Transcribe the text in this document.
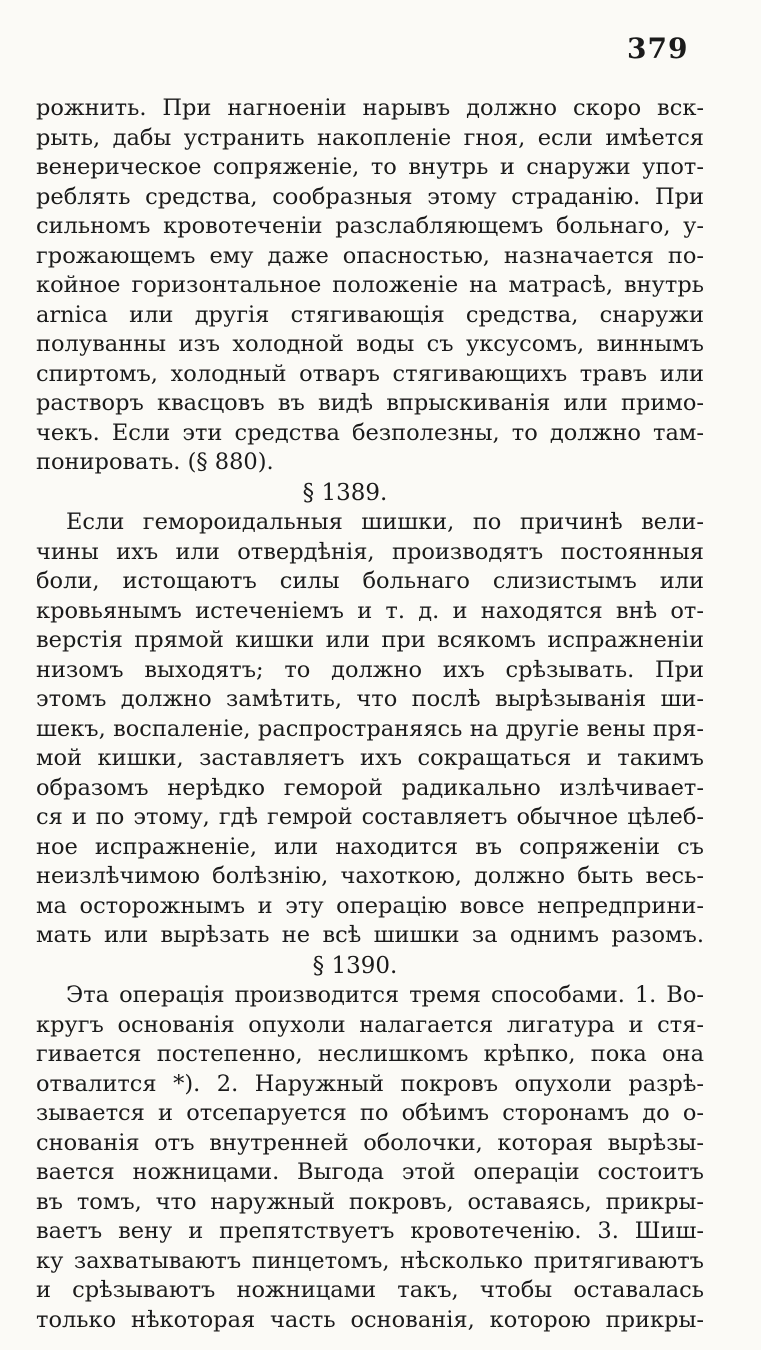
379
рожнить. При нагноеніи нарывъ должно скоро вск-
рыть, дабы устранить накопленіе гноя, если имѣется
венерическое сопряженіе, то внутрь и снаружи упот-
реблять средства, сообразныя этому страданію. При
сильномъ кровотеченіи разслабляющемъ больнаго, у-
грожающемъ ему даже опасностью, назначается по-
койное горизонтальное положеніе на матрасѣ, внутрь
arnica или другія стягивающія средства, снаружи
полуванны изъ холодной воды съ уксусомъ, виннымъ
спиртомъ, холодный отваръ стягивающихъ травъ или
растворъ квасцовъ въ видѣ впрыскиванія или примо-
чекъ. Если эти средства безполезны, то должно там-
понировать. (§ 880).
§ 1389.
Если гемороидальныя шишки, по причинѣ вели-
чины ихъ или отвердѣнія, производятъ постоянныя
боли, истощаютъ силы больнаго слизистымъ или
кровьянымъ истеченіемъ и т. д. и находятся внѣ от-
верстія прямой кишки или при всякомъ испражненіи
низомъ выходятъ; то должно ихъ срѣзывать. При
этомъ должно замѣтить, что послѣ вырѣзыванія ши-
шекъ, воспаленіе, распространяясь на другіе вены пря-
мой кишки, заставляетъ ихъ сокращаться и такимъ
образомъ нерѣдко геморой радикально излѣчивает-
ся и по этому, гдѣ гемрой составляетъ обычное цѣлеб-
ное испражненіе, или находится въ сопряженіи съ
неизлѣчимою болѣзнію, чахоткою, должно быть весь-
ма осторожнымъ и эту операцію вовсе непредприни-
мать или вырѣзать не всѣ шишки за однимъ разомъ.
§ 1390.
Эта операція производится тремя способами. 1. Во-
кругъ основанія опухоли налагается лигатура и стя-
гивается постепенно, неслишкомъ крѣпко, пока она
отвалится *). 2. Наружный покровъ опухоли разрѣ-
зывается и отсепаруется по обѣимъ сторонамъ до о-
снованія отъ внутренней оболочки, которая вырѣзы-
вается ножницами. Выгода этой операціи состоитъ
въ томъ, что наружный покровъ, оставаясь, прикры-
ваетъ вену и препятствуетъ кровотеченію. 3. Шиш-
ку захватываютъ пинцетомъ, нѣсколько притягиваютъ
и срѣзываютъ ножницами такъ, чтобы оставалась
только нѣкоторая часть основанія, которою прикры-
